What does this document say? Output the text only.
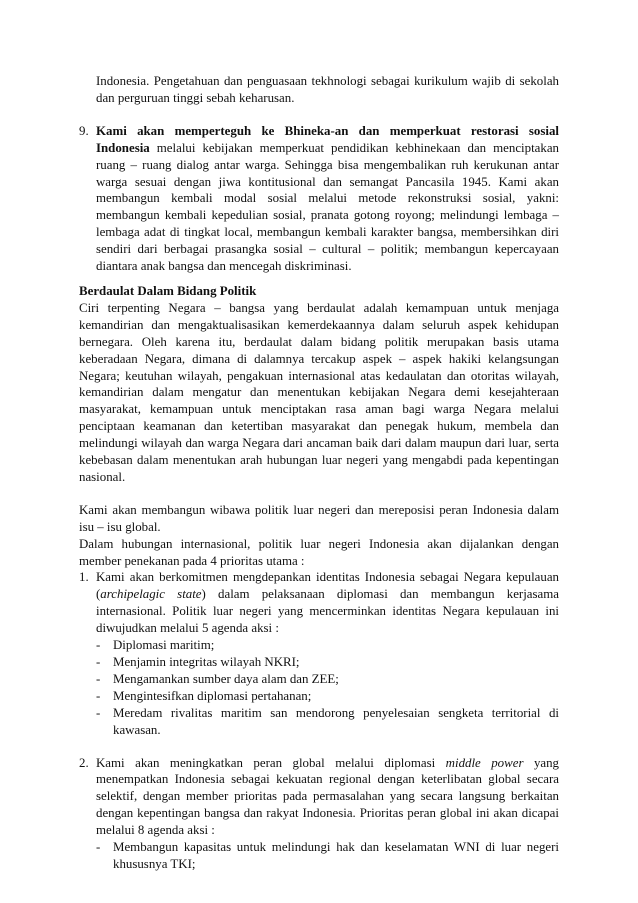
Indonesia. Pengetahuan dan penguasaan tekhnologi sebagai kurikulum wajib di sekolah dan perguruan tinggi sebah keharusan.

9. Kami akan memperteguh ke Bhineka-an dan memperkuat restorasi sosial Indonesia melalui kebijakan memperkuat pendidikan kebhinekaan dan menciptakan ruang – ruang dialog antar warga. Sehingga bisa mengembalikan ruh kerukunan antar warga sesuai dengan jiwa kontitusional dan semangat Pancasila 1945. Kami akan membangun kembali modal sosial melalui metode rekonstruksi sosial, yakni: membangun kembali kepedulian sosial, pranata gotong royong; melindungi lembaga – lembaga adat di tingkat local, membangun kembali karakter bangsa, membersihkan diri sendiri dari berbagai prasangka sosial – cultural – politik; membangun kepercayaan diantara anak bangsa dan mencegah diskriminasi.

Berdaulat Dalam Bidang Politik

Ciri terpenting Negara – bangsa yang berdaulat adalah kemampuan untuk menjaga kemandirian dan mengaktualisasikan kemerdekaannya dalam seluruh aspek kehidupan bernegara. Oleh karena itu, berdaulat dalam bidang politik merupakan basis utama keberadaan Negara, dimana di dalamnya tercakup aspek – aspek hakiki kelangsungan Negara; keutuhan wilayah, pengakuan internasional atas kedaulatan dan otoritas wilayah, kemandirian dalam mengatur dan menentukan kebijakan Negara demi kesejahteraan masyarakat, kemampuan untuk menciptakan rasa aman bagi warga Negara melalui penciptaan keamanan dan ketertiban masyarakat dan penegak hukum, membela dan melindungi wilayah dan warga Negara dari ancaman baik dari dalam maupun dari luar, serta kebebasan dalam menentukan arah hubungan luar negeri yang mengabdi pada kepentingan nasional.

Kami akan membangun wibawa politik luar negeri dan mereposisi peran Indonesia dalam isu – isu global.

Dalam hubungan internasional, politik luar negeri Indonesia akan dijalankan dengan member penekanan pada 4 prioritas utama :

1. Kami akan berkomitmen mengdepankan identitas Indonesia sebagai Negara kepulauan (archipelagic state) dalam pelaksanaan diplomasi dan membangun kerjasama internasional. Politik luar negeri yang mencerminkan identitas Negara kepulauan ini diwujudkan melalui 5 agenda aksi :

- Diplomasi maritim;
- Menjamin integritas wilayah NKRI;
- Mengamankan sumber daya alam dan ZEE;
- Mengintesifkan diplomasi pertahanan;
- Meredam rivalitas maritim san mendorong penyelesaian sengketa territorial di kawasan.
2. Kami akan meningkatkan peran global melalui diplomasi middle power yang menempatkan Indonesia sebagai kekuatan regional dengan keterlibatan global secara selektif, dengan member prioritas pada permasalahan yang secara langsung berkaitan dengan kepentingan bangsa dan rakyat Indonesia. Prioritas peran global ini akan dicapai melalui 8 agenda aksi :

- Membangun kapasitas untuk melindungi hak dan keselamatan WNI di luar negeri khususnya TKI;
